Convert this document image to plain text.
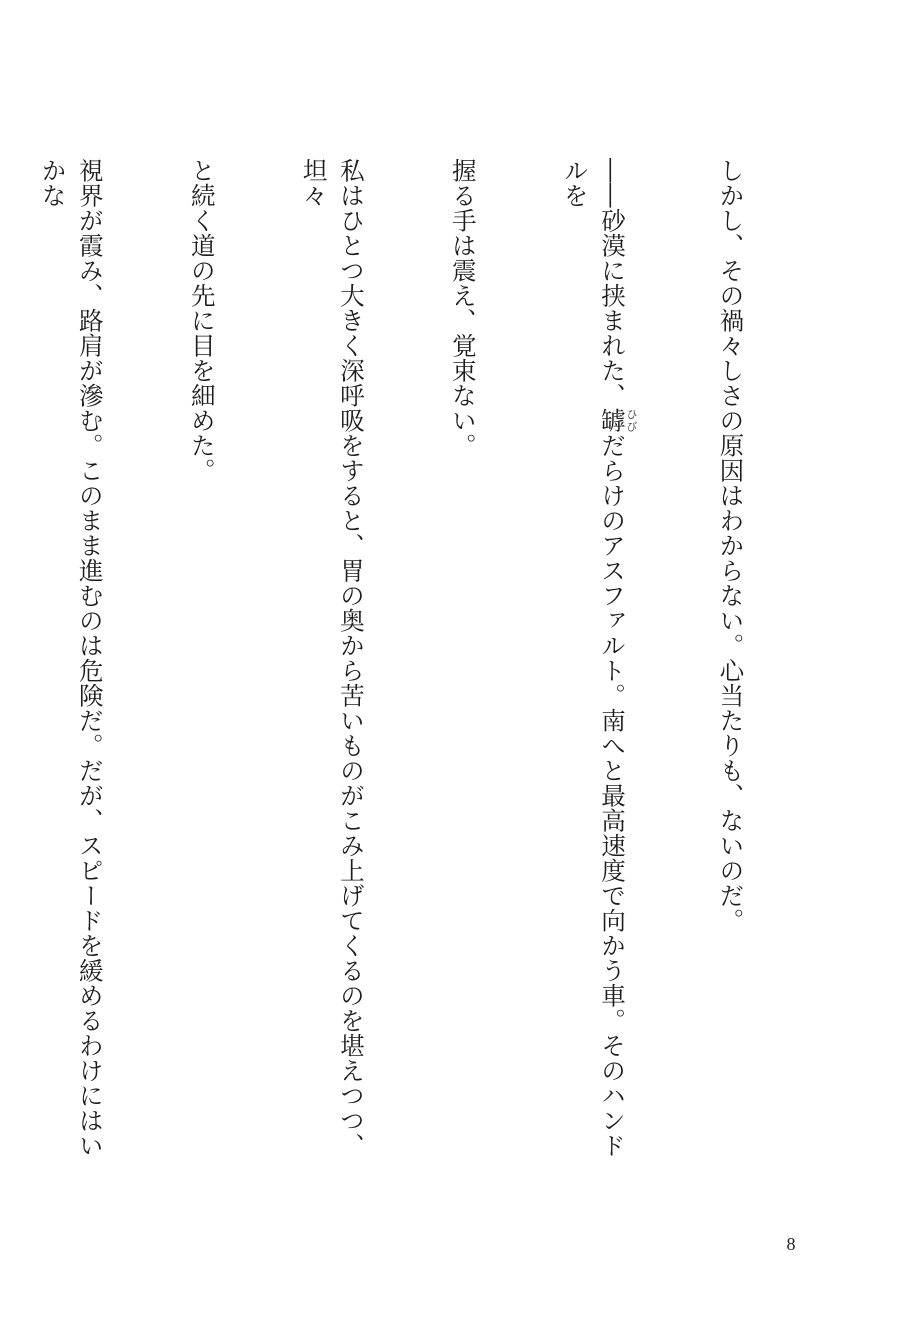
しかし、その禍々しさの原因はわからない。心当たりも、ないのだ。

――砂漠に挟まれた、罅ひびだらけのアスファルト。南へと最高速度で向かう車。そのハンドルを

握る手は震え、覚束ない。

私はひとつ大きく深呼吸をすると、胃の奥から苦いものがこみ上げてくるのを堪えつつ、坦々

と続く道の先に目を細めた。

視界が霞み、路肩が滲む。このまま進むのは危険だ。だが、スピードを緩めるわけにはいかな

8
